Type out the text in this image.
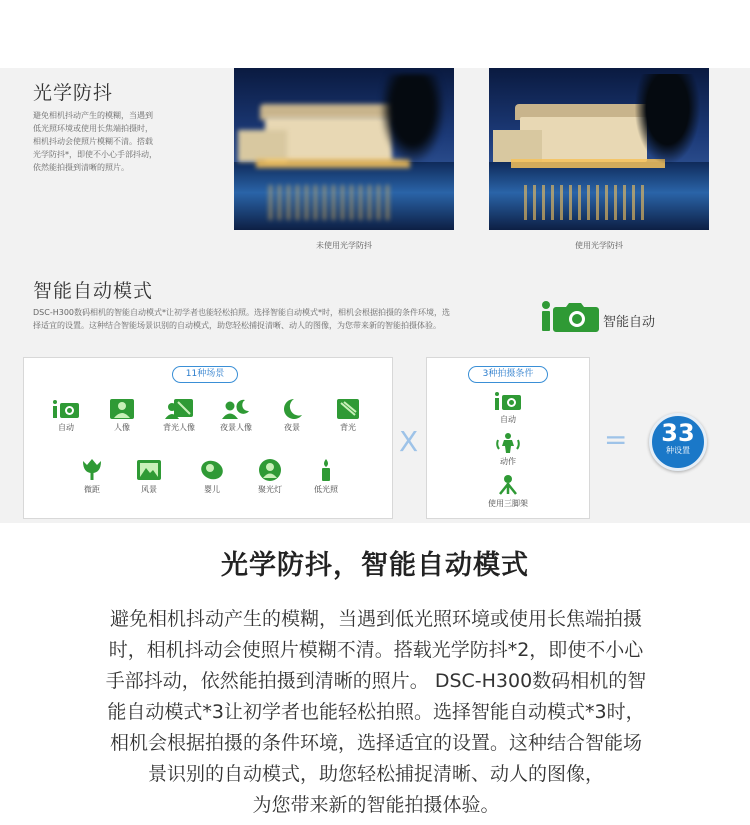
光学防抖
避免相机抖动产生的模糊，当遇到
低光照环境或使用长焦端拍摄时，
相机抖动会使照片模糊不清。搭载
光学防抖*，即使不小心手部抖动，
依然能拍摄到清晰的照片。
未使用光学防抖	使用光学防抖
智能自动模式
DSC-H300数码相机的智能自动模式*让初学者也能轻松拍照。选择智能自动模式*时，相机会根据拍摄的条件环境，选
择适宜的设置。这种结合智能场景识别的自动模式，助您轻松捕捉清晰、动人的图像，为您带来新的智能拍摄体验。	智能自动
11种场景
自动	人像	背光人像	夜景人像	夜景	背光
微距	风景	婴儿	聚光灯	低光照
X
3种拍摄条件
自动
动作
使用三脚架
=	33
种设置
光学防抖，智能自动模式
避免相机抖动产生的模糊，当遇到低光照环境或使用长焦端拍摄
时，相机抖动会使照片模糊不清。搭载光学防抖*2，即使不小心
手部抖动，依然能拍摄到清晰的照片。 DSC-H300数码相机的智
能自动模式*3让初学者也能轻松拍照。选择智能自动模式*3时，
相机会根据拍摄的条件环境，选择适宜的设置。这种结合智能场
景识别的自动模式，助您轻松捕捉清晰、动人的图像，
为您带来新的智能拍摄体验。
